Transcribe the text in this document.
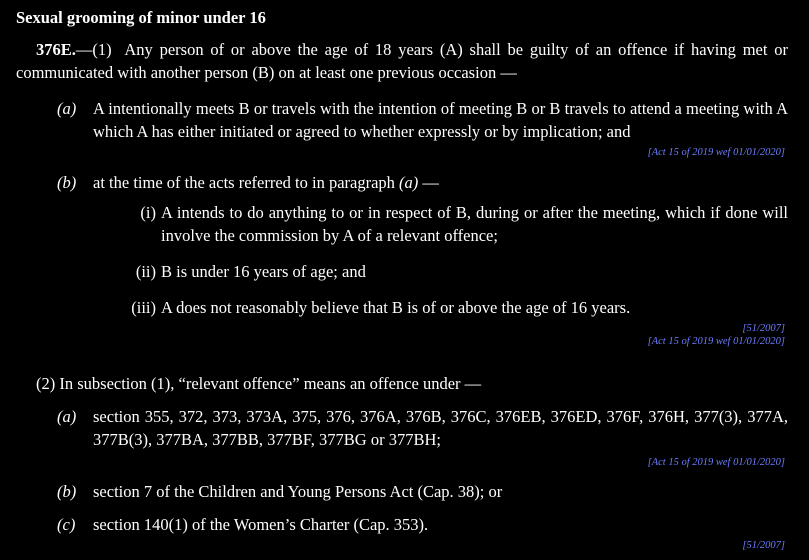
Sexual grooming of minor under 16
376E.—(1) Any person of or above the age of 18 years (A) shall be guilty of an offence if having met or communicated with another person (B) on at least one previous occasion —
(a)	A intentionally meets B or travels with the intention of meeting B or B travels to attend a meeting with A which A has either initiated or agreed to whether expressly or by implication; and
[Act 15 of 2019 wef 01/01/2020]
(b)	at the time of the acts referred to in paragraph (a) —
(i) A intends to do anything to or in respect of B, during or after the meeting, which if done will involve the commission by A of a relevant offence;
(ii) B is under 16 years of age; and
(iii) A does not reasonably believe that B is of or above the age of 16 years.
[51/2007]
[Act 15 of 2019 wef 01/01/2020]
(2) In subsection (1), “relevant offence” means an offence under —
(a)	section 355, 372, 373, 373A, 375, 376, 376A, 376B, 376C, 376EB, 376ED, 376F, 376H, 377(3), 377A, 377B(3), 377BA, 377BB, 377BF, 377BG or 377BH;
[Act 15 of 2019 wef 01/01/2020]
(b)	section 7 of the Children and Young Persons Act (Cap. 38); or
(c)	section 140(1) of the Women’s Charter (Cap. 353).
[51/2007]
